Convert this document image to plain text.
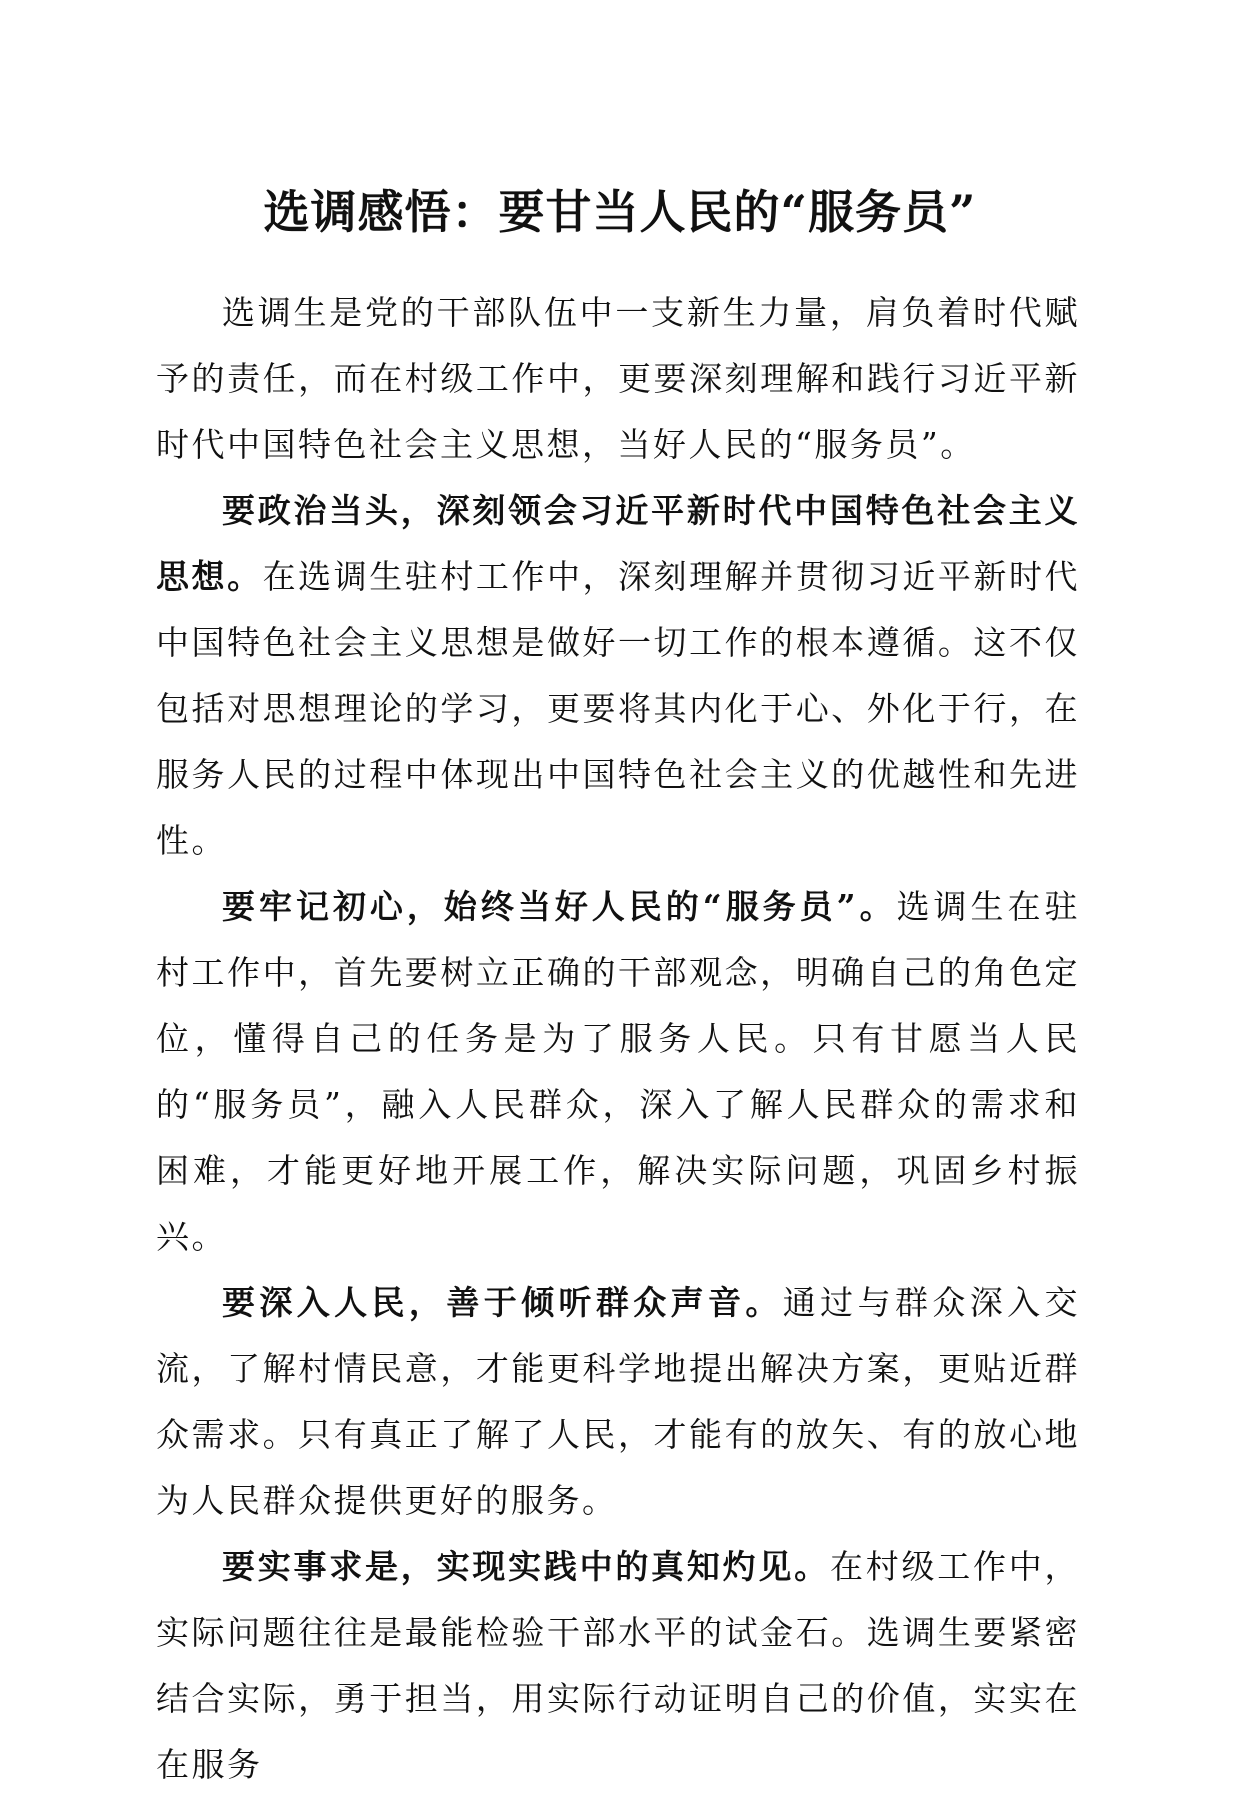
选调感悟：要甘当人民的“服务员”

选调生是党的干部队伍中一支新生力量，肩负着时代赋予的责任，而在村级工作中，更要深刻理解和践行习近平新时代中国特色社会主义思想，当好人民的“服务员”。

要政治当头，深刻领会习近平新时代中国特色社会主义思想。在选调生驻村工作中，深刻理解并贯彻习近平新时代中国特色社会主义思想是做好一切工作的根本遵循。这不仅包括对思想理论的学习，更要将其内化于心、外化于行，在服务人民的过程中体现出中国特色社会主义的优越性和先进性。

要牢记初心，始终当好人民的“服务员”。选调生在驻村工作中，首先要树立正确的干部观念，明确自己的角色定位，懂得自己的任务是为了服务人民。只有甘愿当人民的“服务员”，融入人民群众，深入了解人民群众的需求和困难，才能更好地开展工作，解决实际问题，巩固乡村振兴。

要深入人民，善于倾听群众声音。通过与群众深入交流，了解村情民意，才能更科学地提出解决方案，更贴近群众需求。只有真正了解了人民，才能有的放矢、有的放心地为人民群众提供更好的服务。

要实事求是，实现实践中的真知灼见。在村级工作中，实际问题往往是最能检验干部水平的试金石。选调生要紧密结合实际，勇于担当，用实际行动证明自己的价值，实实在在服务
